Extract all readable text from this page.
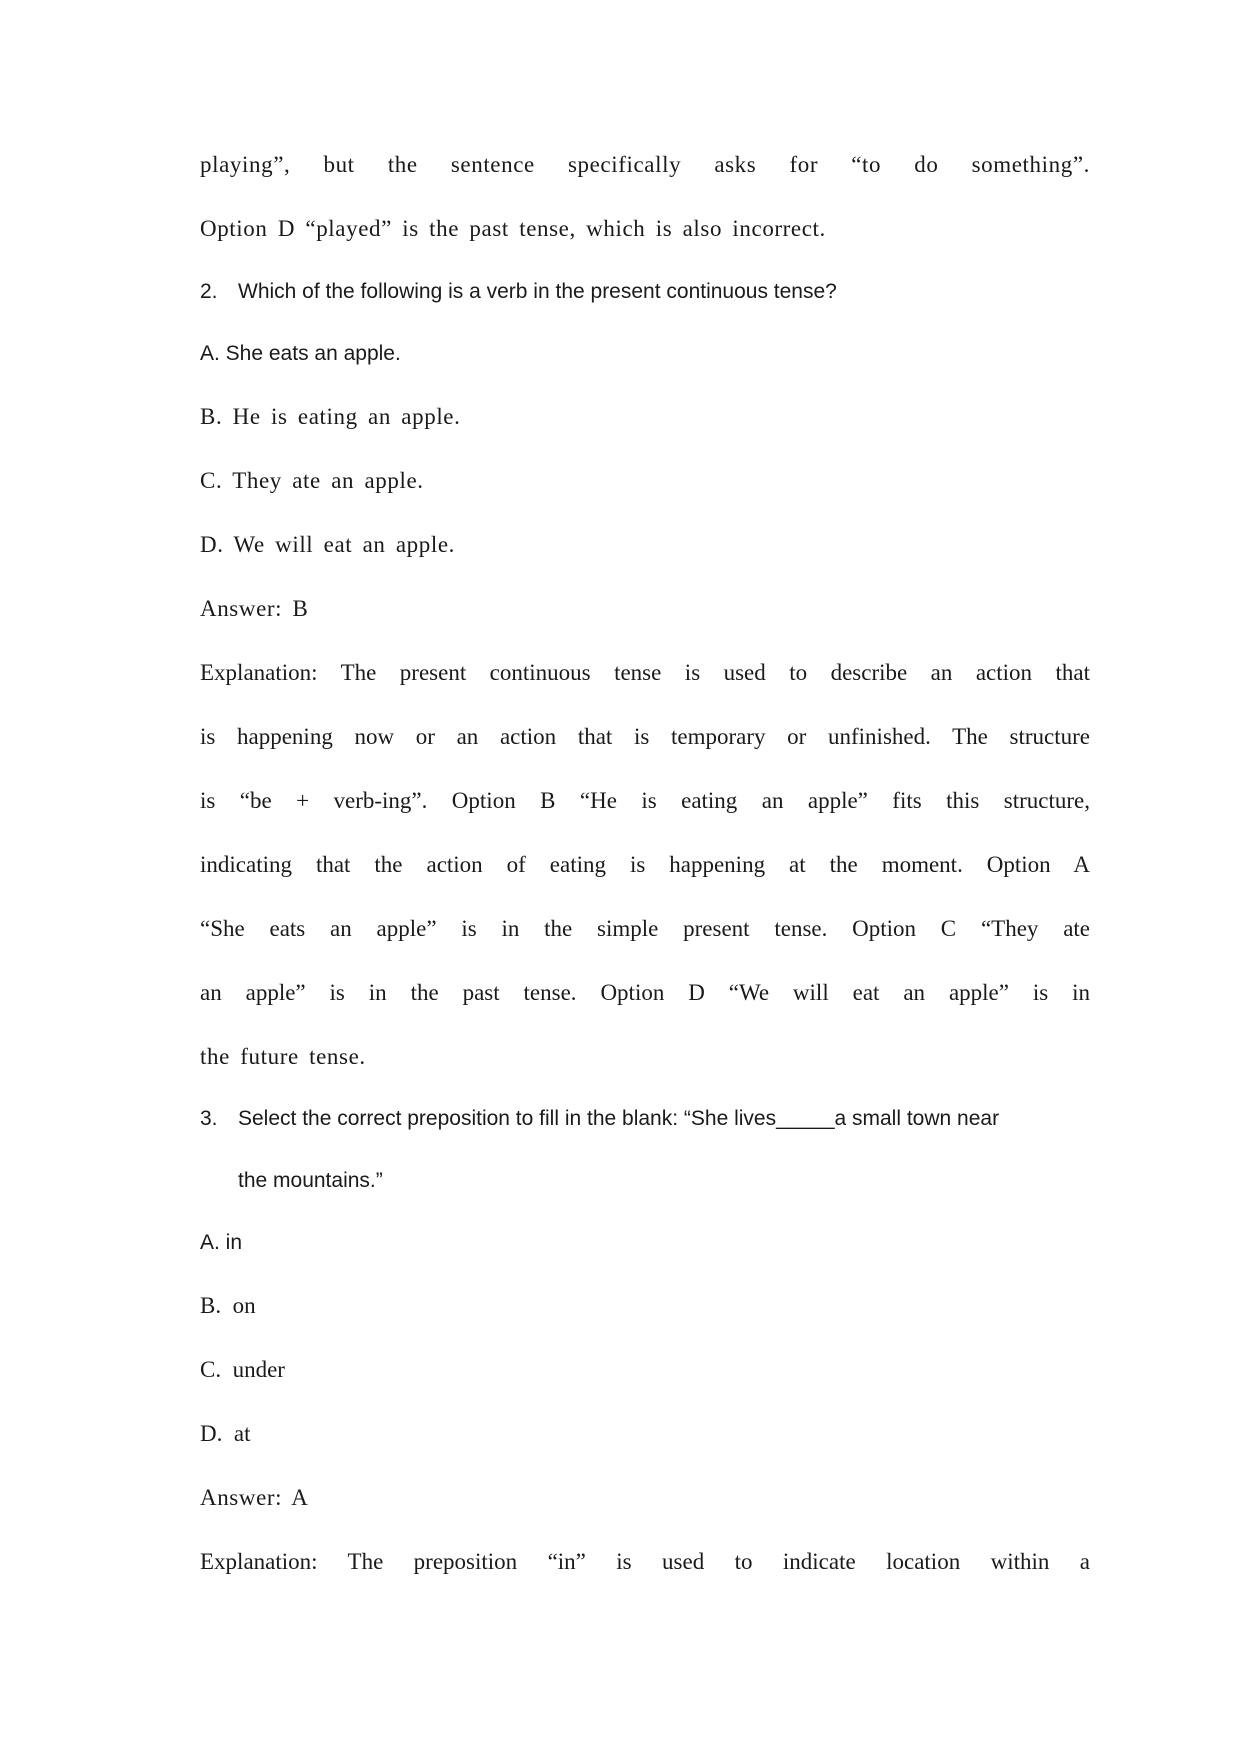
playing”, but the sentence specifically asks for “to do something”.
Option D “played” is the past tense, which is also incorrect.
2. Which of the following is a verb in the present continuous tense?
A. She eats an apple.
B. He is eating an apple.
C. They ate an apple.
D. We will eat an apple.
Answer: B
Explanation: The present continuous tense is used to describe an action that
is happening now or an action that is temporary or unfinished. The structure
is “be + verb-ing”. Option B “He is eating an apple” fits this structure,
indicating that the action of eating is happening at the moment. Option A
“She eats an apple” is in the simple present tense. Option C “They ate
an apple” is in the past tense. Option D “We will eat an apple” is in
the future tense.
3. Select the correct preposition to fill in the blank: “She lives_____a small town near
the mountains.”
A. in
B.  on
C.  under
D.  at
Answer: A
Explanation: The preposition “in” is used to indicate location within a
